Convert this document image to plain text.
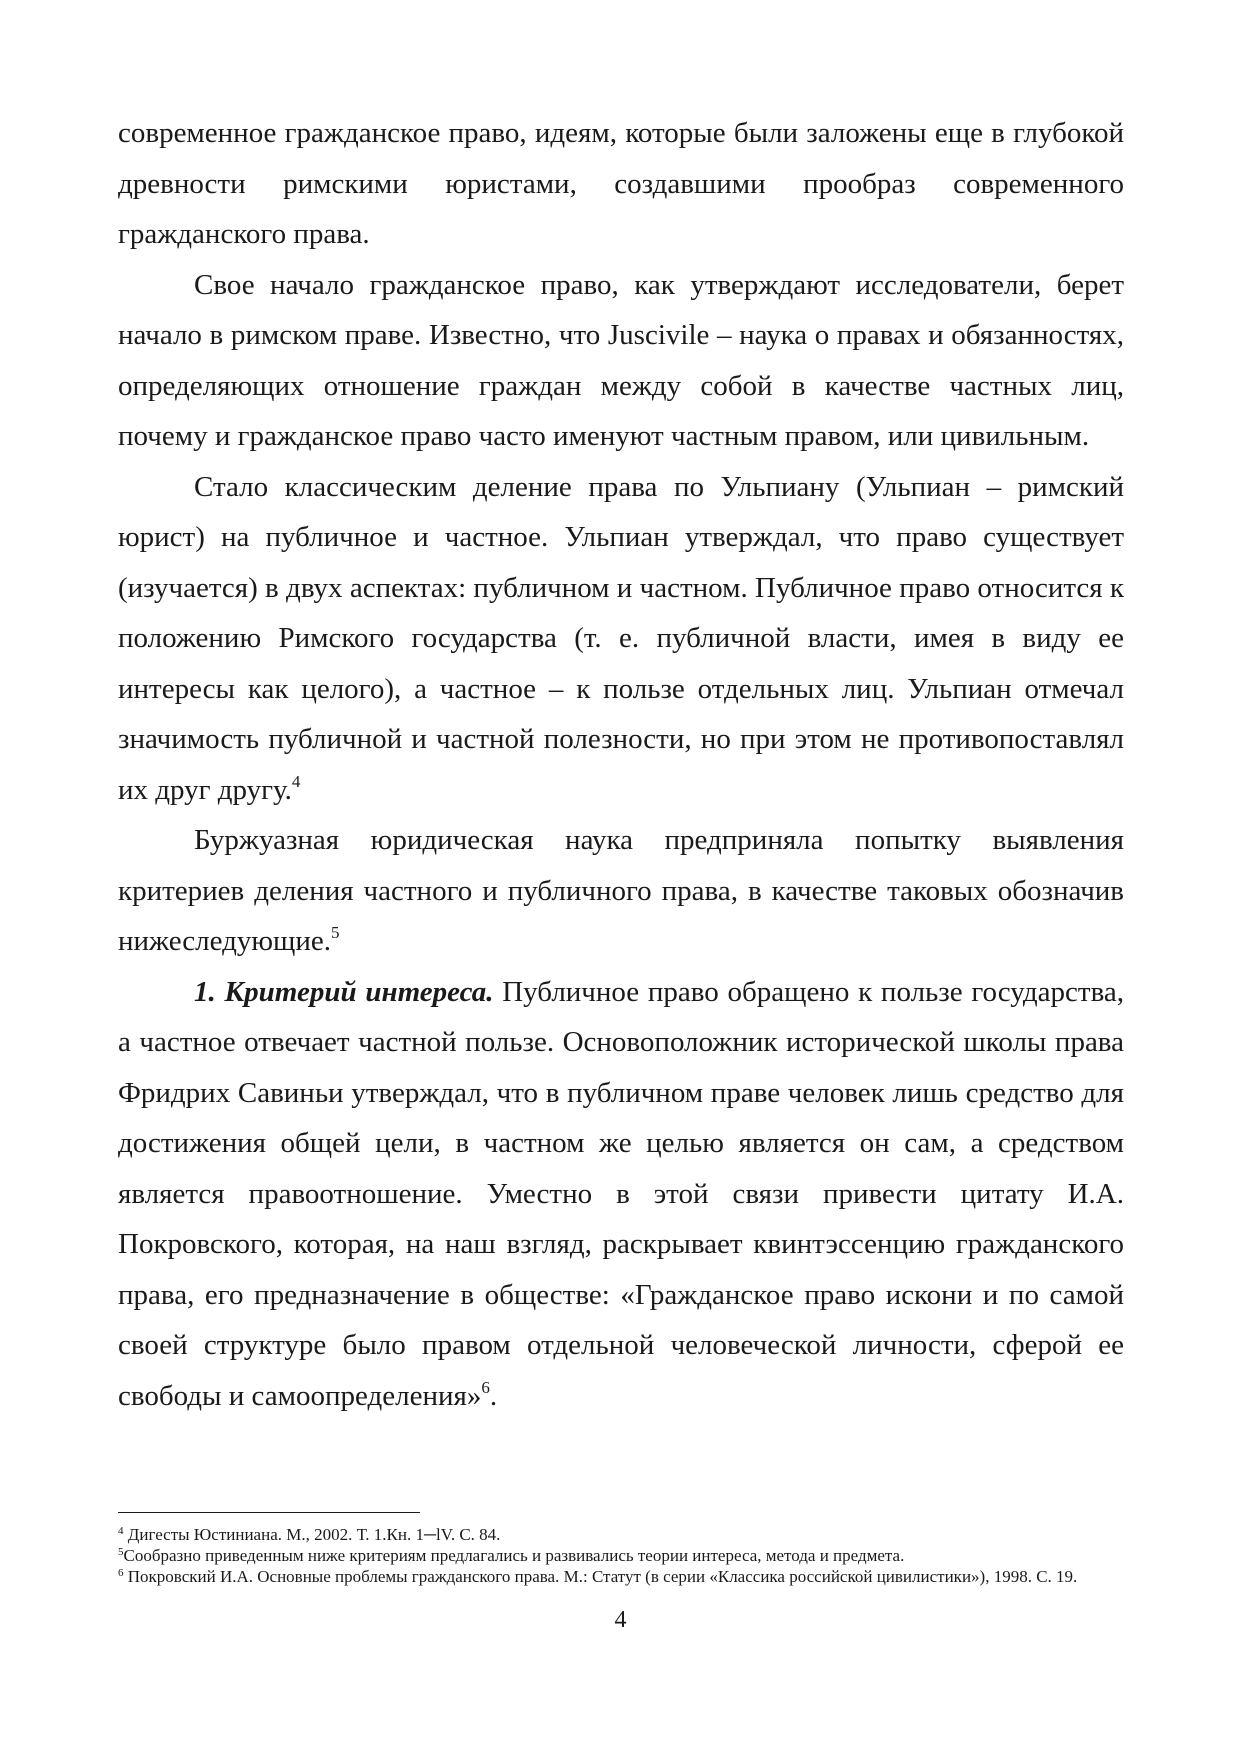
современное гражданское право, идеям, которые были заложены еще в глубокой древности римскими юристами, создавшими прообраз современного гражданского права.

Свое начало гражданское право, как утверждают исследователи, берет начало в римском праве. Известно, что Juscivile – наука о правах и обязанностях, определяющих отношение граждан между собой в качестве частных лиц, почему и гражданское право часто именуют частным правом, или цивильным.

Стало классическим деление права по Ульпиану (Ульпиан – римский юрист) на публичное и частное. Ульпиан утверждал, что право существует (изучается) в двух аспектах: публичном и частном. Публичное право относится к положению Римского государства (т. е. публичной власти, имея в виду ее интересы как целого), а частное – к пользе отдельных лиц. Ульпиан отмечал значимость публичной и частной полезности, но при этом не противопоставлял их друг другу.$^4$

Буржуазная юридическая наука предприняла попытку выявления критериев деления частного и публичного права, в качестве таковых обозначив нижеследующие.$^5$

1. Критерий интереса. Публичное право обращено к пользе государства, а частное отвечает частной пользе. Основоположник исторической школы права Фридрих Савиньи утверждал, что в публичном праве человек лишь средство для достижения общей цели, в частном же целью является он сам, а средством является правоотношение. Уместно в этой связи привести цитату И.А. Покровского, которая, на наш взгляд, раскрывает квинтэссенцию гражданского права, его предназначение в обществе: «Гражданское право искони и по самой своей структуре было правом отдельной человеческой личности, сферой ее свободы и самоопределения»$^6$.

$^4$ Дигесты Юстиниана. М., 2002. Т. 1.Кн. 1─lV. С. 84.

$^5$Сообразно приведенным ниже критериям предлагались и развивались теории интереса, метода и предмета.

$^6$ Покровский И.А. Основные проблемы гражданского права. М.: Статут (в серии «Классика российской цивилистики»), 1998. С. 19.

4
